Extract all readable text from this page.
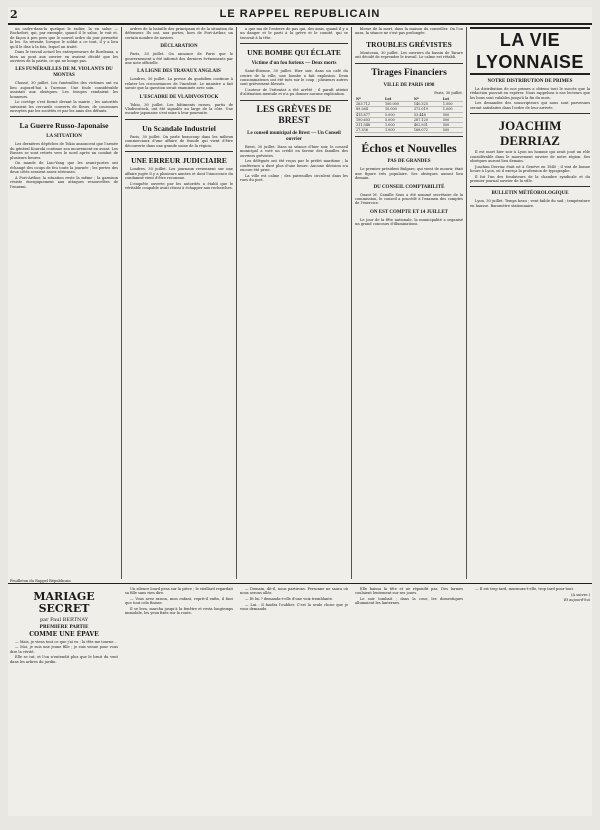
2	LE RAPPEL REPUBLICAIN

un cadre-dans-la quelque le radier, la en salue — Rochefort, qui, par exemple, quand il le salue, le voit et, de façon à peu pres que le nouvel ordre du jour permette la les. Sa retraite, lorsque le soldat a ce tout, il y a lieu qu'il le dise à la fois, lequel un traité.

Dans le travail actuel les entrepreneurs de Bordeaux, a bien au pont aux ouvrier en avaient décidé que les ouvriers de la partie, ce qui ne bouge pas.

LES FUNÉRAILLES DE M. VIOLANTS DU MONTAS

Chassé, 30 juillet. Les funérailles des victimes ont eu lieu aujourd'hui à Turenne. Une foule considérable assistait aux obsèques. Les troupes rendaient les honneurs.

Le cortège s'est formé devant la mairie ; les autorités suivaient les cercueils couverts de fleurs, de couronnes envoyées par les sociétés et par les amis des défunts.

La Guerre Russo-Japonaise
LA SITUATION

Les dernières dépêches de Tokio annoncent que l'armée du général Kouroki continue son mouvement en avant. Les Russes se sont retirés vers le nord après un combat de plusieurs heures.

On mande de Liao-Yang que les avant-postes ont échangé des coups de feu toute la journée ; les pertes des deux côtés seraient assez sérieuses.

A Port-Arthur, la situation reste la même ; la garnison résiste énergiquement aux attaques renouvelées de l'ennemi.

ordres de la bataille des principaux et de la situation du défenseur. Ils ont, aux portes, hors de Port-Arthur, un certain nombre de navires.

DÉCLARATION

Paris, 30 juillet. On annonce de Paris que le gouvernement a été informé des derniers événements par une note officielle.

LA LIGNE DES TRAVAUX ANGLAIS

Londres, 30 juillet. La presse du quotidien continue à relater les circonstances de l'incident. Le ministre a fait savoir que la question serait examinée avec soin.

L'ESCADRE DE VLADIVOSTOCK

Tokio, 30 juillet. Les bâtiments russes, partis de Vladivostock, ont été signalés au large de la côte. Une escadre japonaise s'est mise à leur poursuite.

Un Scandale Industriel

Paris, 30 juillet. On parle beaucoup dans les milieux commerciaux d'une affaire de fraude qui vient d'être découverte dans une grande usine de la région.

UNE ERREUR JUDICIAIRE

Londres, 30 juillet. Les journaux reviennent sur une affaire jugée il y a plusieurs années et dont l'innocence du condamné vient d'être reconnue.

L'enquête ouverte par les autorités a établi que le véritable coupable avait réussi à échapper aux recherches.

a que ma de l'enterre de pas qui, des amis, quand il y a un danger et le parti à la grève et le comité, qui se trouvait à la tête.

UNE BOMBE QUI ÉCLATE
Victime d'un fou furieux — Deux morts

Saint-Étienne, 30 juillet. Hier soir, dans un café du centre de la ville, une bombe a fait explosion. Deux consommateurs ont été tués sur le coup ; plusieurs autres sont grièvement blessés.

L'auteur de l'attentat a été arrêté ; il paraît atteint d'aliénation mentale et n'a pu donner aucune explication.

LES GRÈVES DE BREST
Le conseil municipal de Brest — Un Conseil ouvrier

Brest, 30 juillet. Dans sa séance d'hier soir, le conseil municipal a voté un crédit en faveur des familles des ouvriers grévistes.

Les délégués ont été reçus par le préfet maritime ; la conférence a duré plus d'une heure. Aucune décision n'a encore été prise.

La ville est calme ; des patrouilles circulent dans les rues du port.

blesse de la mort, dans la maison du conseiller. On l'on aura, la séance ne s'est pas prolongée.

TROUBLES GRÉVISTES

Montceau, 30 juillet. Les ouvriers du bassin de Tarare ont décidé de reprendre le travail. Le calme est rétabli.

Tirages Financiers
VILLE DE PARIS 1898
Paris, 30 juillet.
Nº	Lot	Nº	Lot
263.712	100.000	140.325	1.000
89.264	10.000	372.019	1.000
415.877	5.000	53.448	500
190.603	5.000	287.120	500
311.548	1.000	402.931	500
27.336	1.000	168.072	500
Échos et Nouvelles
PAS DE GRANDES

Le premier président Bulgare, qui vient de mourir, était une figure très populaire. Ses obsèques auront lieu demain.

DU CONSEIL COMPTABILITÉ

Quant M. Camille Sens a été nommé secrétaire de la commission, le conseil a procédé à l'examen des comptes de l'exercice.

ON EST COMPTE ET 14 JUILLET

Le jour de la fête nationale, la municipalité a organisé un grand concours d'illuminations.

LA VIE LYONNAISE
NOTRE DISTRIBUTION DE PRIMES

La distribution de nos primes a obtenu tout le succès que la rédaction pouvait en espérer. Nous rappelons à nos lecteurs que les bons sont valables jusqu'à la fin du mois.

Les demandes des souscripteurs qui nous sont parvenues seront satisfaites dans l'ordre de leur arrivée.

JOACHIM DERRIAZ

Il est mort hier soir à Lyon un homme qui avait joué un rôle considérable dans le mouvement ouvrier de notre région. Ses obsèques auront lieu demain.

Joachim Derriaz était né à Genève en 1840 ; il vint de bonne heure à Lyon, où il exerça la profession de typographe.

Il fut l'un des fondateurs de la chambre syndicale et du premier journal ouvrier de la ville.

BULLETIN MÉTÉOROLOGIQUE

Lyon, 30 juillet. Temps beau ; vent faible du sud ; température en hausse. Baromètre stationnaire.

Feuilleton du Rappel Républicain
MARIAGE SECRET
par Paul BERTNAY
PREMIÈRE PARTIE
COMME UNE ÉPAVE

— Mais, je viens tout ce que j'ai vu ; la tête me tourne...

— Moi, je suis une jeune fille ; je suis venue pour vous dire la vérité.

Elle se tut, et l'on n'entendit plus que le bruit du vent dans les arbres du jardin.

Un silence lourd pesa sur la pièce ; le vieillard regardait sa fille sans rien dire.

— Vous avez raison, mon enfant, reprit-il enfin, il faut que tout cela finisse.

Il se leva, marcha jusqu'à la fenêtre et resta longtemps immobile, les yeux fixés sur la route.

— Demain, dit-il, nous partirons. Personne ne saura où nous serons allés.

— Et lui ? demanda-t-elle d'une voix tremblante.

— Lui... il faudra l'oublier. C'est la seule chose que je vous demande.

Elle baissa la tête et ne répondit pas. Des larmes coulaient lentement sur ses joues.

Le soir tombait ; dans la cour, les domestiques allumaient les lanternes.

— Il est trop tard, murmura-t-elle, trop tard pour tout.

(A suivre.)

Et aujourd'hui
